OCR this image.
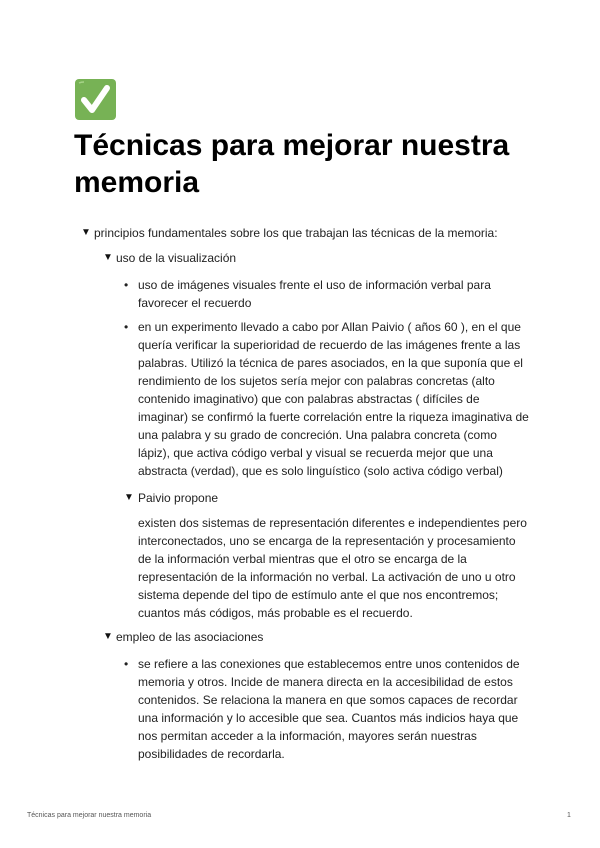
Técnicas para mejorar nuestra memoria
▼ principios fundamentales sobre los que trabajan las técnicas de la memoria:
▼ uso de la visualización
• uso de imágenes visuales frente el uso de información verbal para favorecer el recuerdo
• en un experimento llevado a cabo por Allan Paivio ( años 60 ), en el que quería verificar la superioridad de recuerdo de las imágenes frente a las palabras. Utilizó la técnica de pares asociados, en la que suponía que el rendimiento de los sujetos sería mejor con palabras concretas (alto contenido imaginativo) que con palabras abstractas ( difíciles de imaginar) se confirmó la fuerte correlación entre la riqueza imaginativa de una palabra y su grado de concreción. Una palabra concreta (como lápiz), que activa código verbal y visual se recuerda mejor que una abstracta (verdad), que es solo linguístico (solo activa código verbal)
▼ Paivio propone
existen dos sistemas de representación diferentes e independientes pero interconectados, uno se encarga de la representación y procesamiento de la información verbal mientras que el otro se encarga de la representación de la información no verbal. La activación de uno u otro sistema depende del tipo de estímulo ante el que nos encontremos; cuantos más códigos, más probable es el recuerdo.
▼ empleo de las asociaciones
• se refiere a las conexiones que establecemos entre unos contenidos de memoria y otros. Incide de manera directa en la accesibilidad de estos contenidos. Se relaciona la manera en que somos capaces de recordar una información y lo accesible que sea. Cuantos más indicios haya que nos permitan acceder a la información, mayores serán nuestras posibilidades de recordarla.
Técnicas para mejorar nuestra memoria	1
